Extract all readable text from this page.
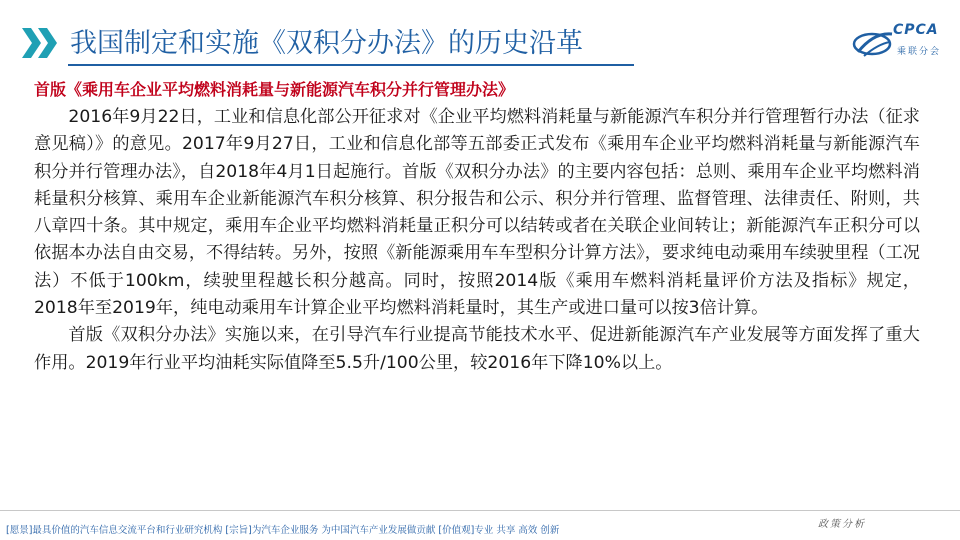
我国制定和实施《双积分办法》的历史沿革	CPCA
乘联分会
首版《乘用车企业平均燃料消耗量与新能源汽车积分并行管理办法》

2016年9月22日，工业和信息化部公开征求对《企业平均燃料消耗量与新能源汽车积分并行管理暂行办法（征求意见稿）》的意见。2017年9月27日，工业和信息化部等五部委正式发布《乘用车企业平均燃料消耗量与新能源汽车积分并行管理办法》，自2018年4月1日起施行。首版《双积分办法》的主要内容包括：总则、乘用车企业平均燃料消耗量积分核算、乘用车企业新能源汽车积分核算、积分报告和公示、积分并行管理、监督管理、法律责任、附则，共八章四十条。其中规定，乘用车企业平均燃料消耗量正积分可以结转或者在关联企业间转让；新能源汽车正积分可以依据本办法自由交易，不得结转。另外，按照《新能源乘用车车型积分计算方法》，要求纯电动乘用车续驶里程（工况法）不低于100km，续驶里程越长积分越高。同时，按照2014版《乘用车燃料消耗量评价方法及指标》规定，2018年至2019年，纯电动乘用车计算企业平均燃料消耗量时，其生产或进口量可以按3倍计算。

首版《双积分办法》实施以来，在引导汽车行业提高节能技术水平、促进新能源汽车产业发展等方面发挥了重大作用。2019年行业平均油耗实际值降至5.5升/100公里，较2016年下降10%以上。

[愿景]最具价值的汽车信息交流平台和行业研究机构 [宗旨]为汽车企业服务 为中国汽车产业发展做贡献 [价值观]专业 共享 高效 创新
政策分析
